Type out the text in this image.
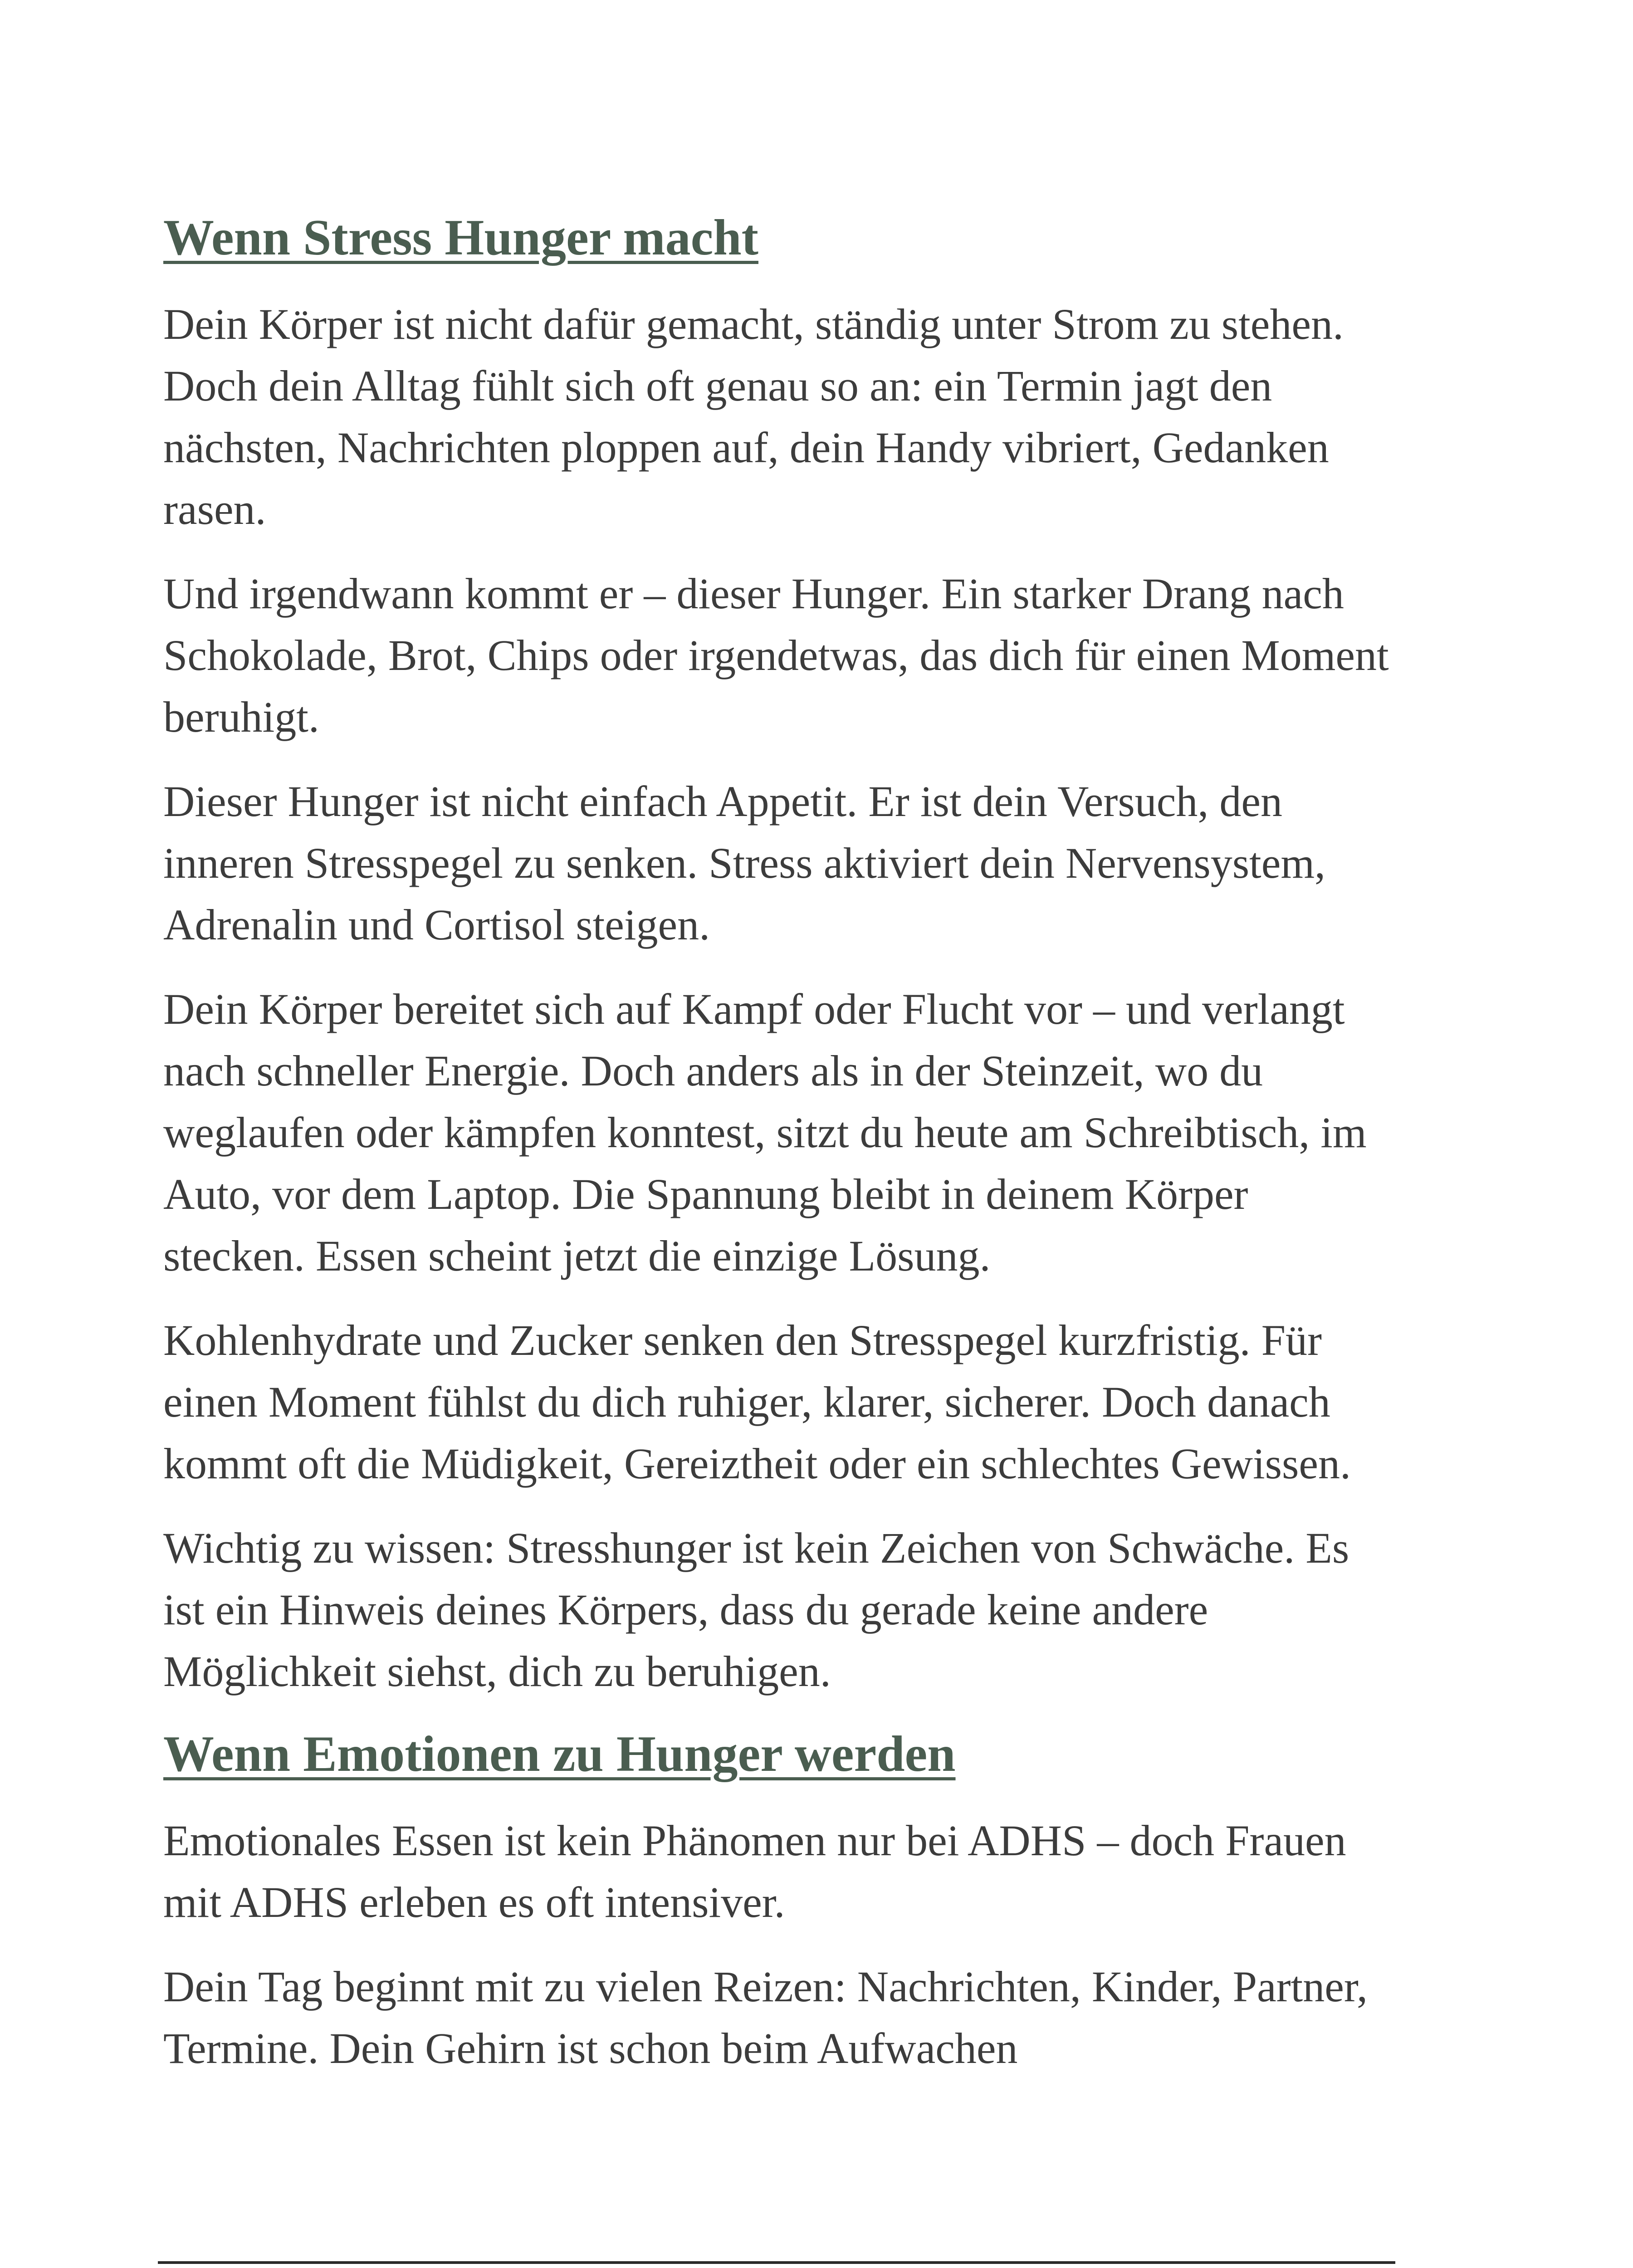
Wenn Stress Hunger macht

Dein Körper ist nicht dafür gemacht, ständig unter Strom zu stehen. Doch dein Alltag fühlt sich oft genau so an: ein Termin jagt den nächsten, Nachrichten ploppen auf, dein Handy vibriert, Gedanken rasen.

Und irgendwann kommt er – dieser Hunger. Ein starker Drang nach Schokolade, Brot, Chips oder irgendetwas, das dich für einen Moment beruhigt.

Dieser Hunger ist nicht einfach Appetit. Er ist dein Versuch, den inneren Stresspegel zu senken. Stress aktiviert dein Nervensystem, Adrenalin und Cortisol steigen.

Dein Körper bereitet sich auf Kampf oder Flucht vor – und verlangt nach schneller Energie. Doch anders als in der Steinzeit, wo du weglaufen oder kämpfen konntest, sitzt du heute am Schreibtisch, im Auto, vor dem Laptop. Die Spannung bleibt in deinem Körper stecken. Essen scheint jetzt die einzige Lösung.

Kohlenhydrate und Zucker senken den Stresspegel kurzfristig. Für einen Moment fühlst du dich ruhiger, klarer, sicherer. Doch danach kommt oft die Müdigkeit, Gereiztheit oder ein schlechtes Gewissen.

Wichtig zu wissen: Stresshunger ist kein Zeichen von Schwäche. Es ist ein Hinweis deines Körpers, dass du gerade keine andere Möglichkeit siehst, dich zu beruhigen.

Wenn Emotionen zu Hunger werden

Emotionales Essen ist kein Phänomen nur bei ADHS – doch Frauen mit ADHS erleben es oft intensiver.

Dein Tag beginnt mit zu vielen Reizen: Nachrichten, Kinder, Partner, Termine. Dein Gehirn ist schon beim Aufwachen
